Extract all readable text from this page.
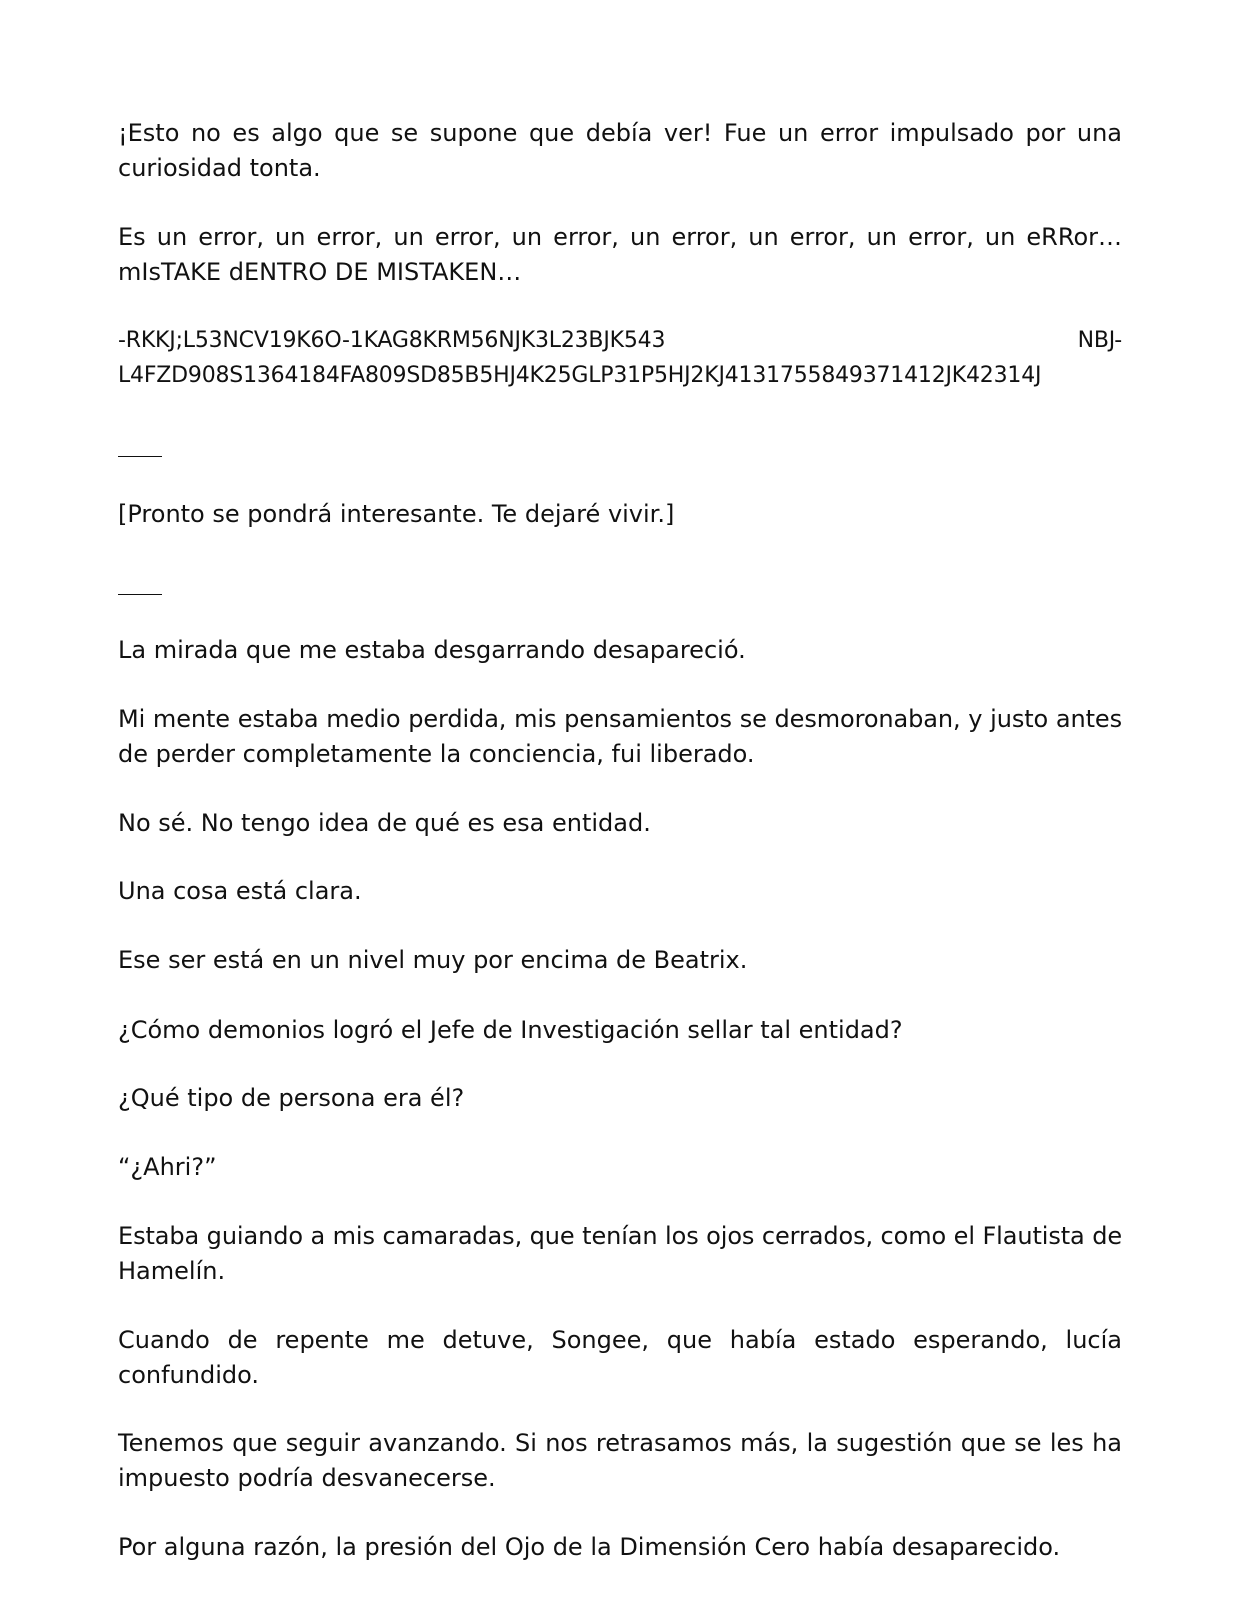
¡Esto no es algo que se supone que debía ver! Fue un error impulsado por una

curiosidad tonta.

Es un error, un error, un error, un error, un error, un error, un error, un eRRor…

mIsTAKE dENTRO DE MISTAKEN…

-RKKJ;L53NCV19K6O-1KAG8KRM56NJK3L23BJK543	NBJ-

L4FZD908S1364184FA809SD85B5HJ4K25GLP31P5HJ2KJ4131755849371412JK42314J

[Pronto se pondrá interesante. Te dejaré vivir.]

La mirada que me estaba desgarrando desapareció.

Mi mente estaba medio perdida, mis pensamientos se desmoronaban, y justo antes

de perder completamente la conciencia, fui liberado.

No sé. No tengo idea de qué es esa entidad.

Una cosa está clara.

Ese ser está en un nivel muy por encima de Beatrix.

¿Cómo demonios logró el Jefe de Investigación sellar tal entidad?

¿Qué tipo de persona era él?

“¿Ahri?”

Estaba guiando a mis camaradas, que tenían los ojos cerrados, como el Flautista de

Hamelín.

Cuando de repente me detuve, Songee, que había estado esperando, lucía

confundido.

Tenemos que seguir avanzando. Si nos retrasamos más, la sugestión que se les ha

impuesto podría desvanecerse.

Por alguna razón, la presión del Ojo de la Dimensión Cero había desaparecido.
